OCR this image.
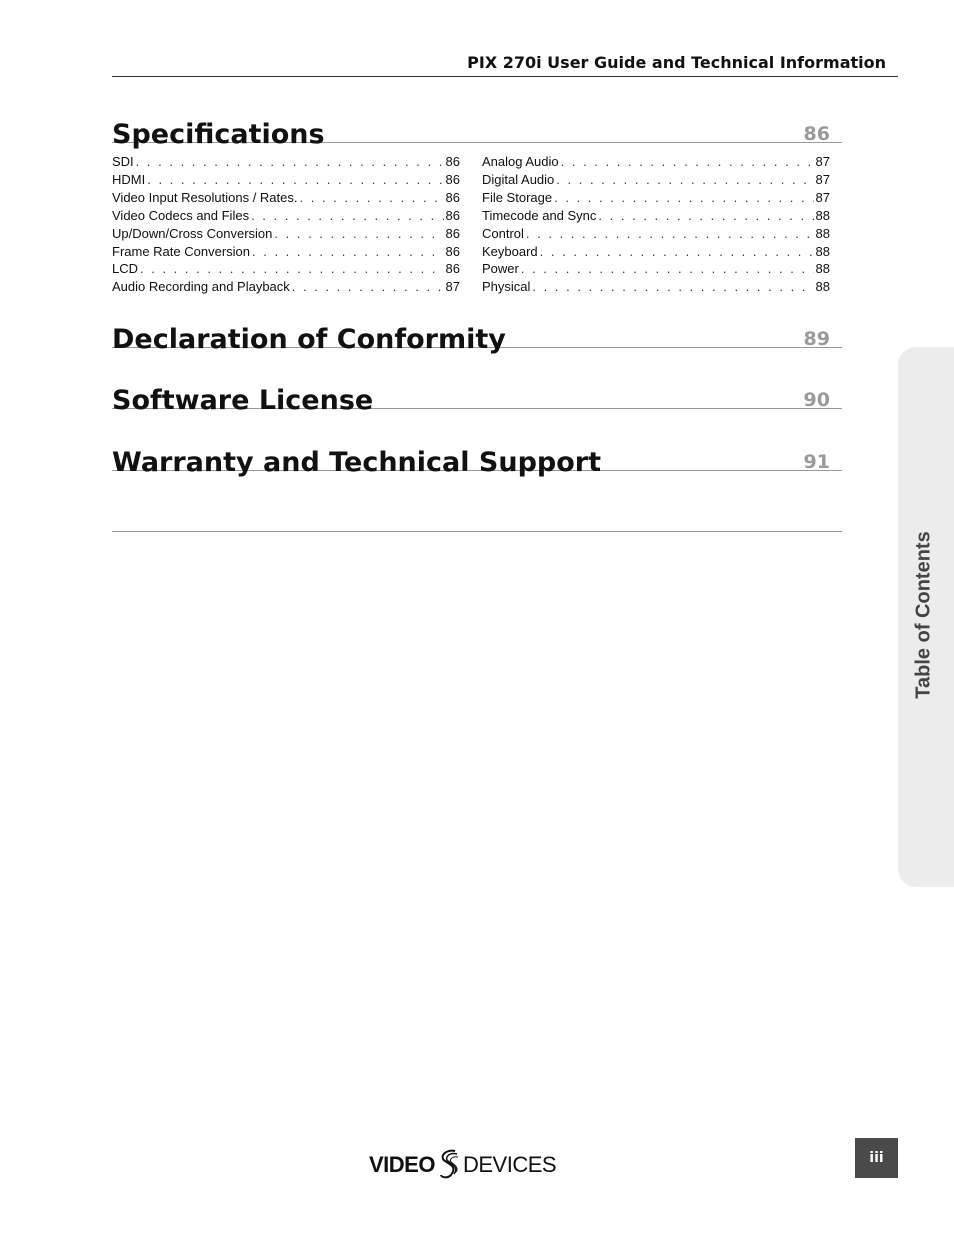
PIX 270i User Guide and Technical Information
Specifications	86
SDI . . .	86
HDMI . . .	86
Video Input Resolutions / Rates. . . .	86
Video Codecs and Files . . .	86
Up/Down/Cross Conversion . . .	86
Frame Rate Conversion . . .	86
LCD . . .	86
Audio Recording and Playback . . .	87
Analog Audio . . .	87
Digital Audio . . .	87
File Storage . . .	87
Timecode and Sync . . .	88
Control . . .	88
Keyboard . . .	88
Power . . .	88
Physical . . .	88
Declaration of Conformity	89
Software License	90
Warranty and Technical Support	91
Table of Contents
VIDEO DEVICES	iii
